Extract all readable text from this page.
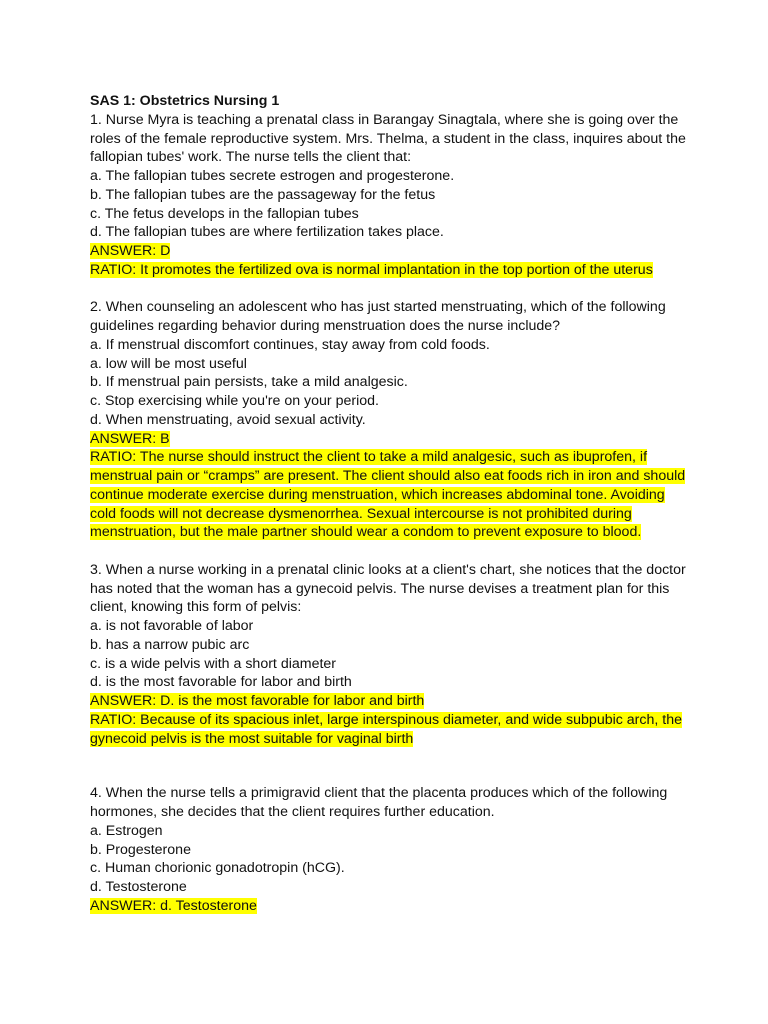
SAS 1: Obstetrics Nursing 1
1. Nurse Myra is teaching a prenatal class in Barangay Sinagtala, where she is going over the roles of the female reproductive system. Mrs. Thelma, a student in the class, inquires about the fallopian tubes' work. The nurse tells the client that:
a. The fallopian tubes secrete estrogen and progesterone.
b. The fallopian tubes are the passageway for the fetus
c. The fetus develops in the fallopian tubes
d. The fallopian tubes are where fertilization takes place.
ANSWER: D
RATIO: It promotes the fertilized ova is normal implantation in the top portion of the uterus
2. When counseling an adolescent who has just started menstruating, which of the following guidelines regarding behavior during menstruation does the nurse include?
a. If menstrual discomfort continues, stay away from cold foods.
a. low will be most useful
b. If menstrual pain persists, take a mild analgesic.
c. Stop exercising while you're on your period.
d. When menstruating, avoid sexual activity.
ANSWER: B
RATIO: The nurse should instruct the client to take a mild analgesic, such as ibuprofen, if menstrual pain or “cramps” are present. The client should also eat foods rich in iron and should continue moderate exercise during menstruation, which increases abdominal tone. Avoiding cold foods will not decrease dysmenorrhea. Sexual intercourse is not prohibited during menstruation, but the male partner should wear a condom to prevent exposure to blood.
3. When a nurse working in a prenatal clinic looks at a client's chart, she notices that the doctor has noted that the woman has a gynecoid pelvis. The nurse devises a treatment plan for this client, knowing this form of pelvis:
a. is not favorable of labor
b. has a narrow pubic arc
c. is a wide pelvis with a short diameter
d. is the most favorable for labor and birth
ANSWER: D. is the most favorable for labor and birth
RATIO: Because of its spacious inlet, large interspinous diameter, and wide subpubic arch, the gynecoid pelvis is the most suitable for vaginal birth
4. When the nurse tells a primigravid client that the placenta produces which of the following hormones, she decides that the client requires further education.
a. Estrogen
b. Progesterone
c. Human chorionic gonadotropin (hCG).
d. Testosterone
ANSWER: d. Testosterone
